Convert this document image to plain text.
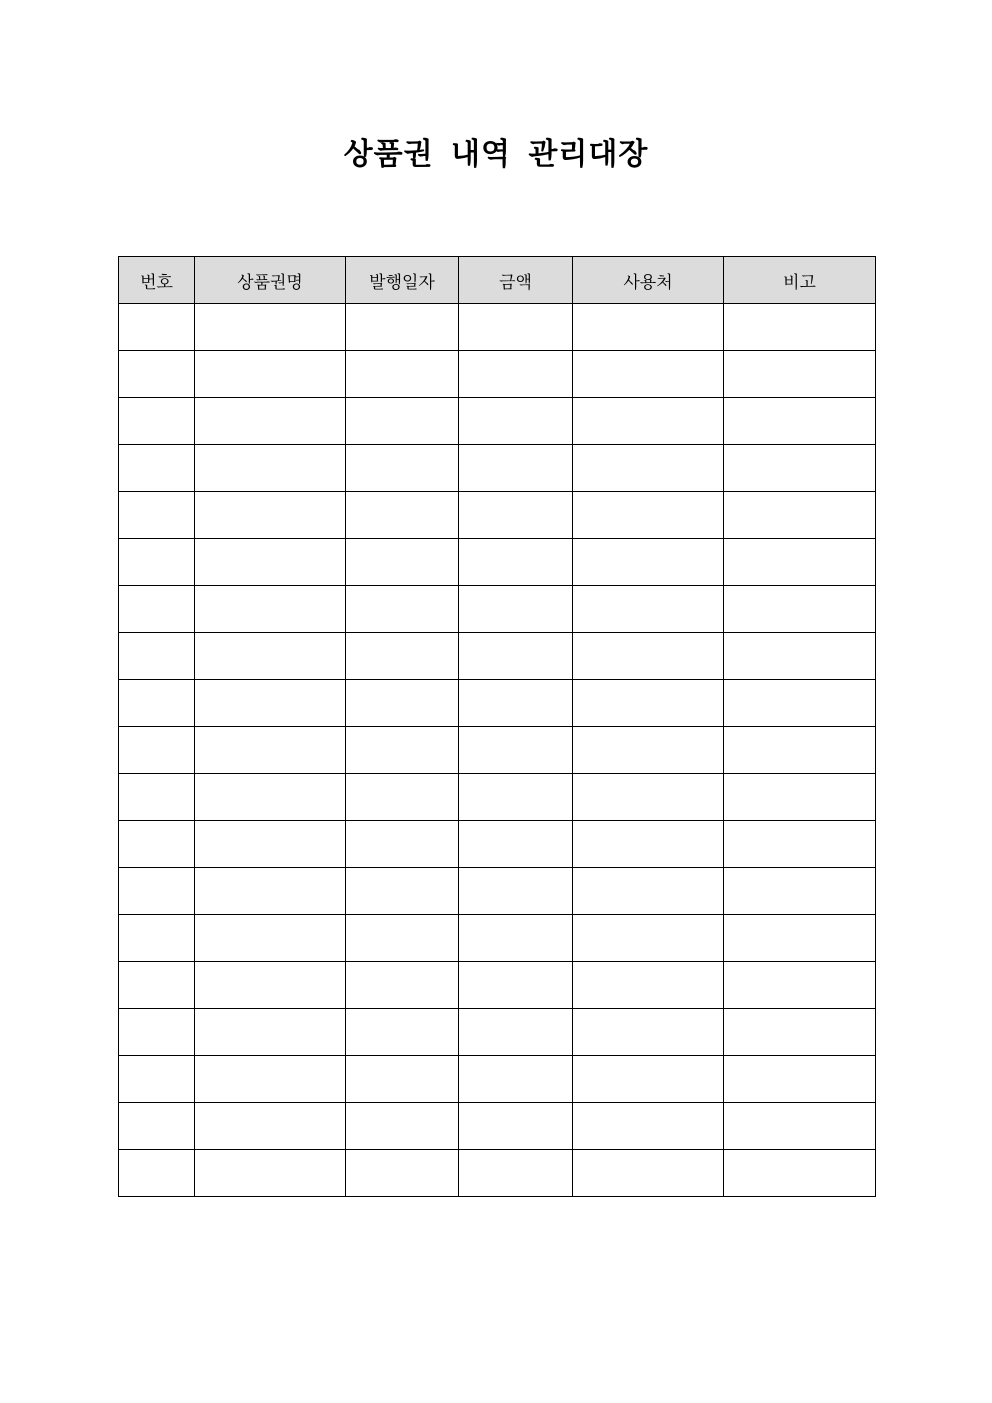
상품권 내역 관리대장
번호	상품권명	발행일자	금액	사용처	비고
